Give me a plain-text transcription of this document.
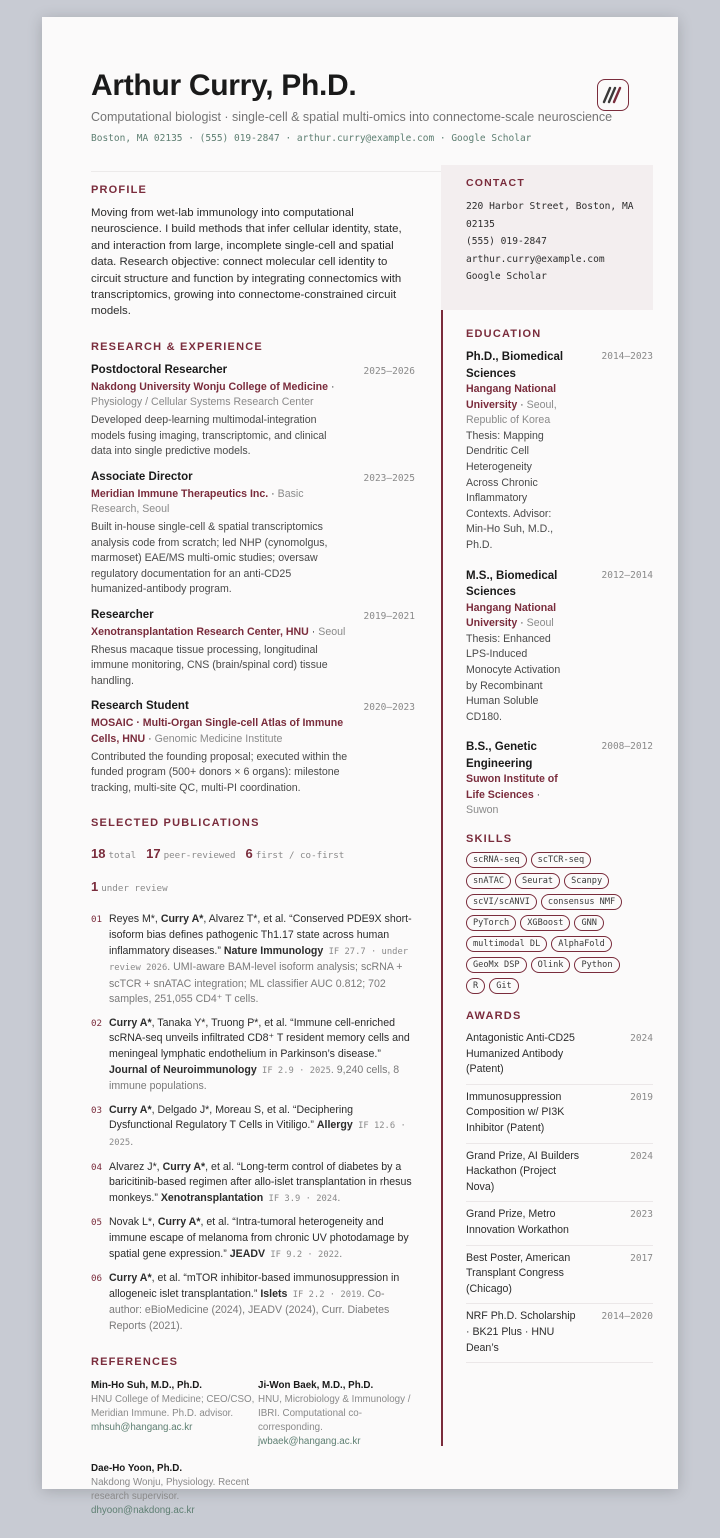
Arthur Curry, Ph.D.
Computational biologist · single-cell & spatial multi-omics into connectome-scale neuroscience
Boston, MA 02135 · (555) 019-2847 · arthur.curry@example.com · Google Scholar
PROFILE
Moving from wet-lab immunology into computational neuroscience. I build methods that infer cellular identity, state, and interaction from large, incomplete single-cell and spatial data. Research objective: connect molecular cell identity to circuit structure and function by integrating connectomics with transcriptomics, growing into connectome-constrained circuit models.
RESEARCH & EXPERIENCE
Postdoctoral Researcher	2025–2026
Nakdong University Wonju College of Medicine · Physiology / Cellular Systems Research Center
Developed deep-learning multimodal-integration models fusing imaging, transcriptomic, and clinical data into single predictive models.
Associate Director	2023–2025
Meridian Immune Therapeutics Inc. · Basic Research, Seoul
Built in-house single-cell & spatial transcriptomics analysis code from scratch; led NHP (cynomolgus, marmoset) EAE/MS multi-omic studies; oversaw regulatory documentation for an anti-CD25 humanized-antibody program.
Researcher	2019–2021
Xenotransplantation Research Center, HNU · Seoul
Rhesus macaque tissue processing, longitudinal immune monitoring, CNS (brain/spinal cord) tissue handling.
Research Student	2020–2023
MOSAIC · Multi-Organ Single-cell Atlas of Immune Cells, HNU · Genomic Medicine Institute
Contributed the founding proposal; executed within the funded program (500+ donors × 6 organs): milestone tracking, multi-site QC, multi-PI coordination.
SELECTED PUBLICATIONS
18 total 17 peer-reviewed 6 first / co-first
1 under review
01 Reyes M*, Curry A*, Alvarez T*, et al. “Conserved PDE9X short-isoform bias defines pathogenic Th1.17 state across human inflammatory diseases.” Nature Immunology IF 27.7 · under review 2026. UMI-aware BAM-level isoform analysis; scRNA + scTCR + snATAC integration; ML classifier AUC 0.812; 702 samples, 251,055 CD4⁺ T cells.
02 Curry A*, Tanaka Y*, Truong P*, et al. “Immune cell-enriched scRNA-seq unveils infiltrated CD8⁺ T resident memory cells and meningeal lymphatic endothelium in Parkinson’s disease.” Journal of Neuroimmunology IF 2.9 · 2025. 9,240 cells, 8 immune populations.
03 Curry A*, Delgado J*, Moreau S, et al. “Deciphering Dysfunctional Regulatory T Cells in Vitiligo.” Allergy IF 12.6 · 2025.
04 Alvarez J*, Curry A*, et al. “Long-term control of diabetes by a baricitinib-based regimen after allo-islet transplantation in rhesus monkeys.” Xenotransplantation IF 3.9 · 2024.
05 Novak L*, Curry A*, et al. “Intra-tumoral heterogeneity and immune escape of melanoma from chronic UV photodamage by spatial gene expression.” JEADV IF 9.2 · 2022.
06 Curry A*, et al. “mTOR inhibitor-based immunosuppression in allogeneic islet transplantation.” Islets IF 2.2 · 2019. Co-author: eBioMedicine (2024), JEADV (2024), Curr. Diabetes Reports (2021).
REFERENCES
Min-Ho Suh, M.D., Ph.D.
HNU College of Medicine; CEO/CSO, Meridian Immune. Ph.D. advisor.
mhsuh@hangang.ac.kr
Ji-Won Baek, M.D., Ph.D.
HNU, Microbiology & Immunology / IBRI. Computational co-corresponding.
jwbaek@hangang.ac.kr
Dae-Ho Yoon, Ph.D.
Nakdong Wonju, Physiology. Recent research supervisor.
dhyoon@nakdong.ac.kr
CONTACT
220 Harbor Street, Boston, MA 02135
(555) 019-2847
arthur.curry@example.com
Google Scholar
EDUCATION
Ph.D., Biomedical Sciences
2014–2023
Hangang National University · Seoul, Republic of Korea
Thesis: Mapping Dendritic Cell Heterogeneity Across Chronic Inflammatory Contexts. Advisor: Min-Ho Suh, M.D., Ph.D.
M.S., Biomedical Sciences
2012–2014
Hangang National University · Seoul
Thesis: Enhanced LPS-Induced Monocyte Activation by Recombinant Human Soluble CD180.
B.S., Genetic Engineering
2008–2012
Suwon Institute of Life Sciences · Suwon
SKILLS
scRNA-seq	scTCR-seq
snATAC	Seurat	Scanpy
scVI/scANVI	consensus NMF
PyTorch	XGBoost	GNN
multimodal DL	AlphaFold
GeoMx DSP	Olink	Python
R	Git
AWARDS
Antagonistic Anti-CD25 Humanized Antibody (Patent)
2024
Immunosuppression Composition w/ PI3K Inhibitor (Patent)
2019
Grand Prize, AI Builders Hackathon (Project Nova)
2024
Grand Prize, Metro Innovation Workathon
2023
Best Poster, American Transplant Congress (Chicago)
2017
NRF Ph.D. Scholarship · BK21 Plus · HNU Dean’s
2014–2020
